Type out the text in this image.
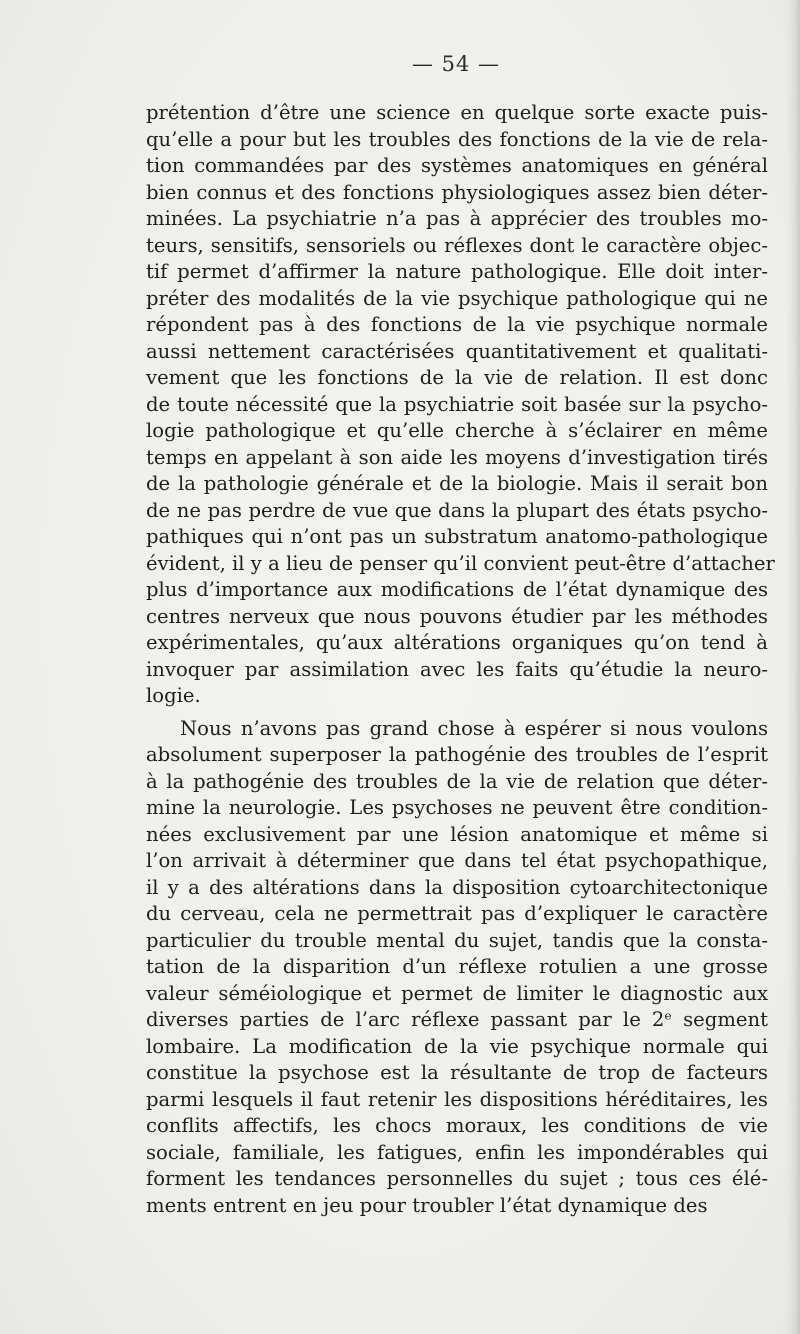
— 54 —
prétention d’être une science en quelque sorte exacte puis-
qu’elle a pour but les troubles des fonctions de la vie de rela-
tion commandées par des systèmes anatomiques en général
bien connus et des fonctions physiologiques assez bien déter-
minées. La psychiatrie n’a pas à apprécier des troubles mo-
teurs, sensitifs, sensoriels ou réflexes dont le caractère objec-
tif permet d’affirmer la nature pathologique. Elle doit inter-
préter des modalités de la vie psychique pathologique qui ne
répondent pas à des fonctions de la vie psychique normale
aussi nettement caractérisées quantitativement et qualitati-
vement que les fonctions de la vie de relation. Il est donc
de toute nécessité que la psychiatrie soit basée sur la psycho-
logie pathologique et qu’elle cherche à s’éclairer en même
temps en appelant à son aide les moyens d’investigation tirés
de la pathologie générale et de la biologie. Mais il serait bon
de ne pas perdre de vue que dans la plupart des états psycho-
pathiques qui n’ont pas un substratum anatomo-pathologique
évident, il y a lieu de penser qu’il convient peut-être d’attacher
plus d’importance aux modifications de l’état dynamique des
centres nerveux que nous pouvons étudier par les méthodes
expérimentales, qu’aux altérations organiques qu’on tend à
invoquer par assimilation avec les faits qu’étudie la neuro-
logie.
Nous n’avons pas grand chose à espérer si nous voulons
absolument superposer la pathogénie des troubles de l’esprit
à la pathogénie des troubles de la vie de relation que déter-
mine la neurologie. Les psychoses ne peuvent être condition-
nées exclusivement par une lésion anatomique et même si
l’on arrivait à déterminer que dans tel état psychopathique,
il y a des altérations dans la disposition cytoarchitectonique
du cerveau, cela ne permettrait pas d’expliquer le caractère
particulier du trouble mental du sujet, tandis que la consta-
tation de la disparition d’un réflexe rotulien a une grosse
valeur séméiologique et permet de limiter le diagnostic aux
diverses parties de l’arc réflexe passant par le 2ᵉ segment
lombaire. La modification de la vie psychique normale qui
constitue la psychose est la résultante de trop de facteurs
parmi lesquels il faut retenir les dispositions héréditaires, les
conflits affectifs, les chocs moraux, les conditions de vie
sociale, familiale, les fatigues, enfin les impondérables qui
forment les tendances personnelles du sujet ; tous ces élé-
ments entrent en jeu pour troubler l’état dynamique des
